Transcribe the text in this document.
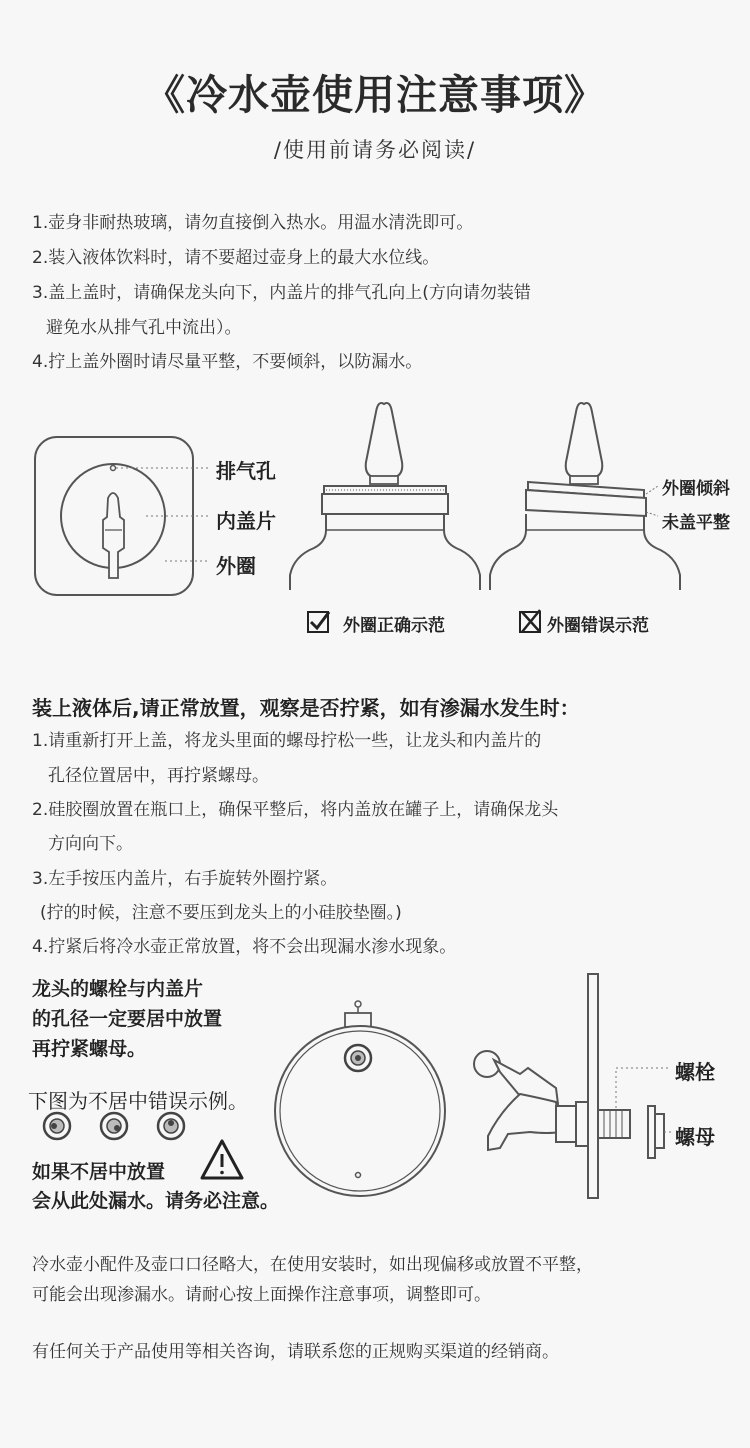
《冷水壶使用注意事项》
/使用前请务必阅读/
1.壶身非耐热玻璃，请勿直接倒入热水。用温水清洗即可。
2.装入液体饮料时，请不要超过壶身上的最大水位线。
3.盖上盖时，请确保龙头向下，内盖片的排气孔向上(方向请勿装错
避免水从排气孔中流出）。
4.拧上盖外圈时请尽量平整，不要倾斜，以防漏水。
排气孔
内盖片
外圈
外圈倾斜
未盖平整
外圈正确示范	外圈错误示范
装上液体后,请正常放置，观察是否拧紧，如有渗漏水发生时：
1.请重新打开上盖，将龙头里面的螺母拧松一些，让龙头和内盖片的
孔径位置居中，再拧紧螺母。
2.硅胶圈放置在瓶口上，确保平整后，将内盖放在罐子上，请确保龙头
方向向下。
3.左手按压内盖片，右手旋转外圈拧紧。
(拧的时候，注意不要压到龙头上的小硅胶垫圈。)
4.拧紧后将冷水壶正常放置，将不会出现漏水渗水现象。
龙头的螺栓与内盖片
的孔径一定要居中放置
再拧紧螺母。
下图为不居中错误示例。
如果不居中放置
会从此处漏水。请务必注意。
螺栓
螺母
冷水壶小配件及壶口口径略大，在使用安装时，如出现偏移或放置不平整，
可能会出现渗漏水。请耐心按上面操作注意事项，调整即可。
有任何关于产品使用等相关咨询，请联系您的正规购买渠道的经销商。
